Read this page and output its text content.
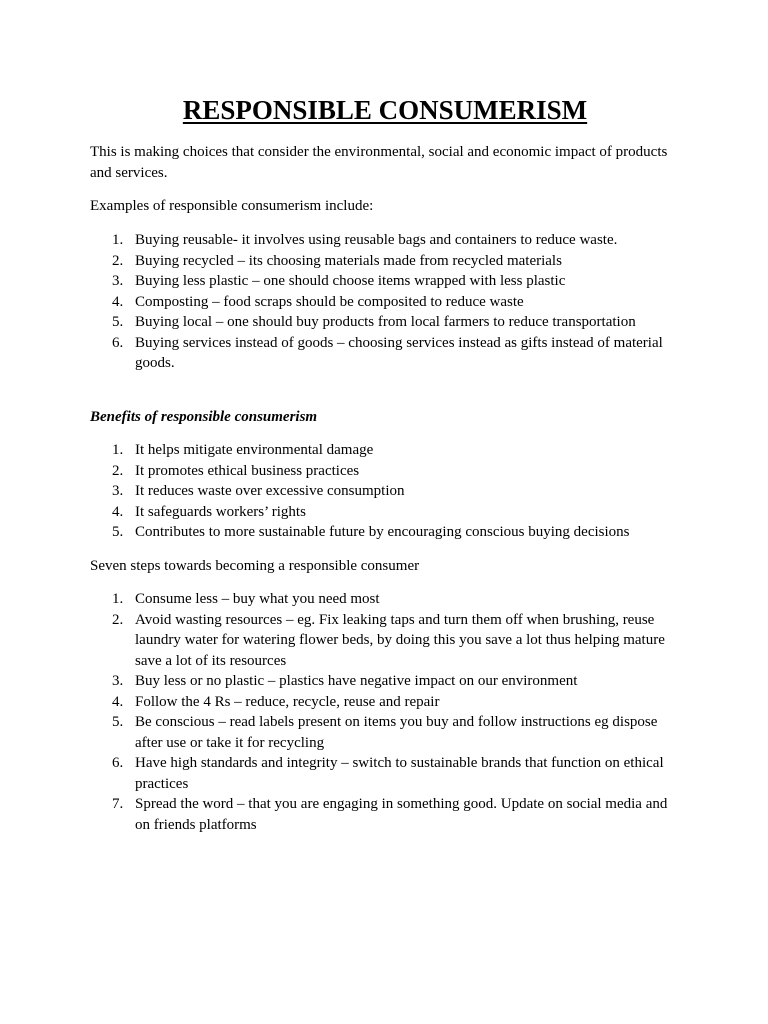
RESPONSIBLE CONSUMERISM

This is making choices that consider the environmental, social and economic impact of products and services.

Examples of responsible consumerism include:

1. Buying reusable- it involves using reusable bags and containers to reduce waste.
2. Buying recycled – its choosing materials made from recycled materials
3. Buying less plastic – one should choose items wrapped with less plastic
4. Composting – food scraps should be composited to reduce waste
5. Buying local – one should buy products from local farmers to reduce transportation
6. Buying services instead of goods – choosing services instead as gifts instead of material goods.

Benefits of responsible consumerism

1. It helps mitigate environmental damage
2. It promotes ethical business practices
3. It reduces waste over excessive consumption
4. It safeguards workers’ rights
5. Contributes to more sustainable future by encouraging conscious buying decisions

Seven steps towards becoming a responsible consumer

1. Consume less – buy what you need most
2. Avoid wasting resources – eg. Fix leaking taps and turn them off when brushing, reuse laundry water for watering flower beds, by doing this you save a lot thus helping mature save a lot of its resources
3. Buy less or no plastic – plastics have negative impact on our environment
4. Follow the 4 Rs – reduce, recycle, reuse and repair
5. Be conscious – read labels present on items you buy and follow instructions eg dispose after use or take it for recycling
6. Have high standards and integrity – switch to sustainable brands that function on ethical practices
7. Spread the word – that you are engaging in something good. Update on social media and on friends platforms
